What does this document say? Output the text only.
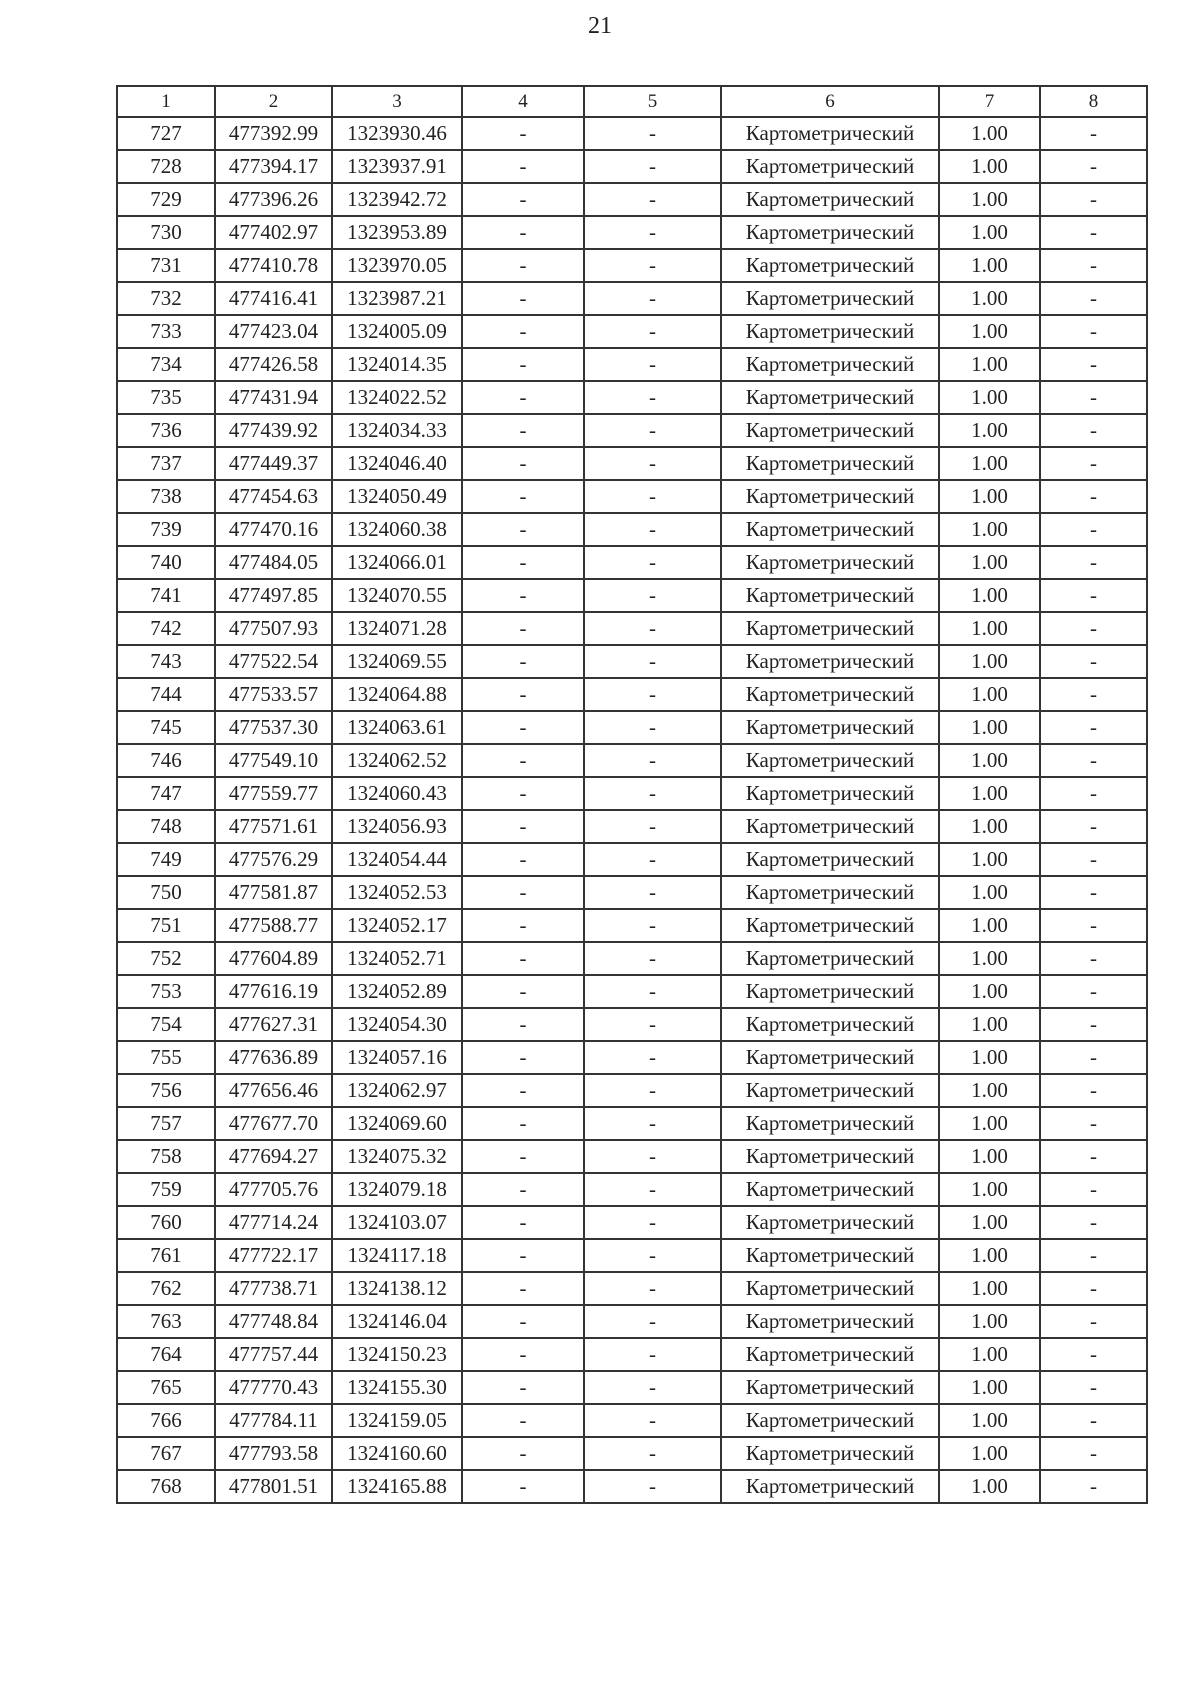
21
1	2	3	4	5	6	7	8
727	477392.99	1323930.46	-	-	Картометрический	1.00	-
728	477394.17	1323937.91	-	-	Картометрический	1.00	-
729	477396.26	1323942.72	-	-	Картометрический	1.00	-
730	477402.97	1323953.89	-	-	Картометрический	1.00	-
731	477410.78	1323970.05	-	-	Картометрический	1.00	-
732	477416.41	1323987.21	-	-	Картометрический	1.00	-
733	477423.04	1324005.09	-	-	Картометрический	1.00	-
734	477426.58	1324014.35	-	-	Картометрический	1.00	-
735	477431.94	1324022.52	-	-	Картометрический	1.00	-
736	477439.92	1324034.33	-	-	Картометрический	1.00	-
737	477449.37	1324046.40	-	-	Картометрический	1.00	-
738	477454.63	1324050.49	-	-	Картометрический	1.00	-
739	477470.16	1324060.38	-	-	Картометрический	1.00	-
740	477484.05	1324066.01	-	-	Картометрический	1.00	-
741	477497.85	1324070.55	-	-	Картометрический	1.00	-
742	477507.93	1324071.28	-	-	Картометрический	1.00	-
743	477522.54	1324069.55	-	-	Картометрический	1.00	-
744	477533.57	1324064.88	-	-	Картометрический	1.00	-
745	477537.30	1324063.61	-	-	Картометрический	1.00	-
746	477549.10	1324062.52	-	-	Картометрический	1.00	-
747	477559.77	1324060.43	-	-	Картометрический	1.00	-
748	477571.61	1324056.93	-	-	Картометрический	1.00	-
749	477576.29	1324054.44	-	-	Картометрический	1.00	-
750	477581.87	1324052.53	-	-	Картометрический	1.00	-
751	477588.77	1324052.17	-	-	Картометрический	1.00	-
752	477604.89	1324052.71	-	-	Картометрический	1.00	-
753	477616.19	1324052.89	-	-	Картометрический	1.00	-
754	477627.31	1324054.30	-	-	Картометрический	1.00	-
755	477636.89	1324057.16	-	-	Картометрический	1.00	-
756	477656.46	1324062.97	-	-	Картометрический	1.00	-
757	477677.70	1324069.60	-	-	Картометрический	1.00	-
758	477694.27	1324075.32	-	-	Картометрический	1.00	-
759	477705.76	1324079.18	-	-	Картометрический	1.00	-
760	477714.24	1324103.07	-	-	Картометрический	1.00	-
761	477722.17	1324117.18	-	-	Картометрический	1.00	-
762	477738.71	1324138.12	-	-	Картометрический	1.00	-
763	477748.84	1324146.04	-	-	Картометрический	1.00	-
764	477757.44	1324150.23	-	-	Картометрический	1.00	-
765	477770.43	1324155.30	-	-	Картометрический	1.00	-
766	477784.11	1324159.05	-	-	Картометрический	1.00	-
767	477793.58	1324160.60	-	-	Картометрический	1.00	-
768	477801.51	1324165.88	-	-	Картометрический	1.00	-
